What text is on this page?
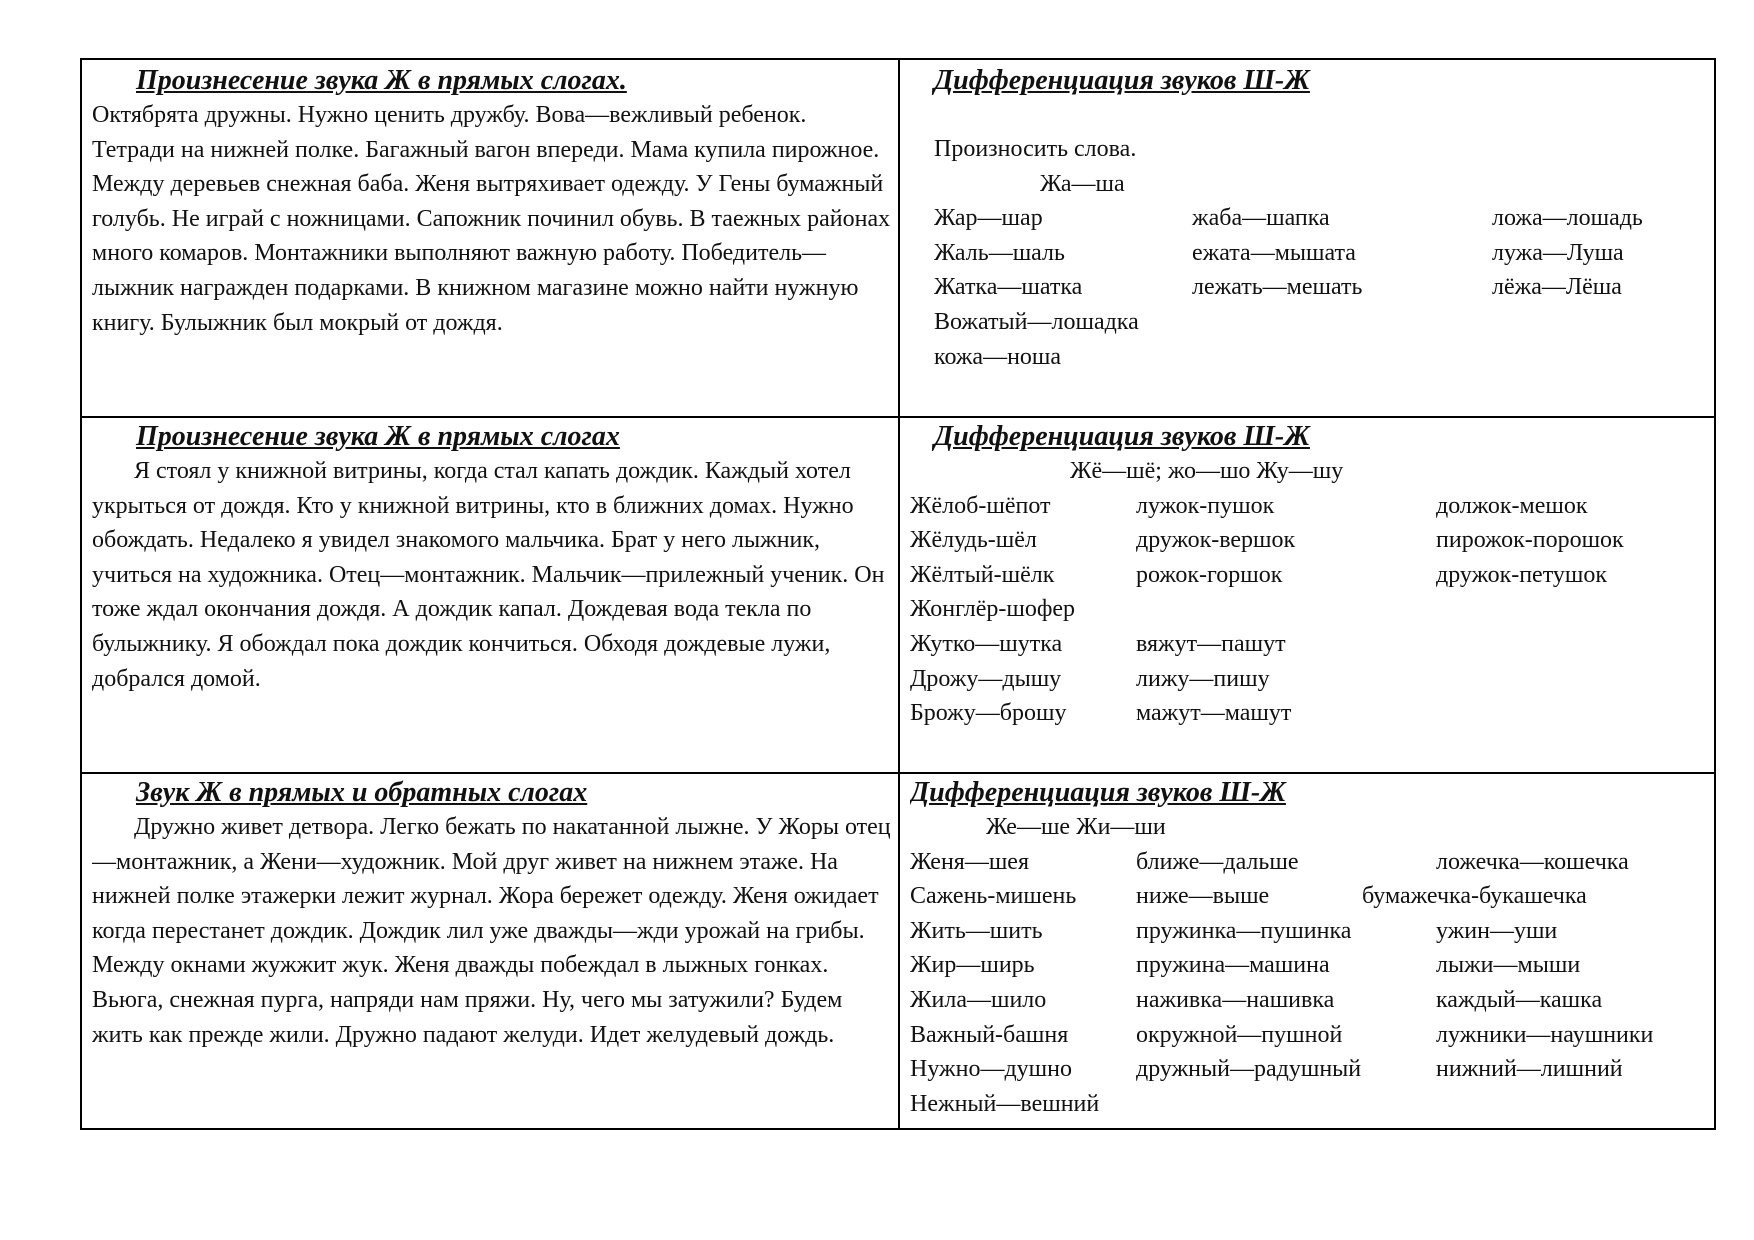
Произнесение звука Ж в прямых слогах.

Октябрята дружны. Нужно ценить дружбу. Вова—вежливый ребенок. Тетради на нижней полке. Багажный вагон впереди. Мама купила пирожное. Между деревьев снежная баба. Женя вытряхивает одежду. У Гены бумажный голубь. Не играй с ножницами. Сапожник починил обувь. В таежных районах много комаров. Монтажники выполняют важную работу. Победитель—лыжник награжден подарками. В книжном магазине можно найти нужную книгу. Булыжник был мокрый от дождя.

Дифференциация звуков Ш-Ж
Произносить слова.
Жа—ша
Жар—шар	жаба—шапка	ложа—лошадь
Жаль—шаль	ежата—мышата	лужа—Луша
Жатка—шатка	лежать—мешать	лёжа—Лёша
Вожатый—лошадка
кожа—ноша
Произнесение звука Ж в прямых слогах

Я стоял у книжной витрины, когда стал капать дождик. Каждый хотел укрыться от дождя. Кто у книжной витрины, кто в ближних домах. Нужно обождать. Недалеко я увидел знакомого мальчика. Брат у него лыжник, учиться на художника. Отец—монтажник. Мальчик—прилежный ученик. Он тоже ждал окончания дождя. А дождик капал. Дождевая вода текла по булыжнику. Я обождал пока дождик кончиться. Обходя дождевые лужи, добрался домой.

Дифференциация звуков Ш-Ж
Жё—шё; жо—шо Жу—шу
Жёлоб-шёпот	лужок-пушок	должок-мешок
Жёлудь-шёл	дружок-вершок	пирожок-порошок
Жёлтый-шёлк	рожок-горшок	дружок-петушок
Жонглёр-шофер
Жутко—шутка	вяжут—пашут
Дрожу—дышу	лижу—пишу
Брожу—брошу	мажут—машут
Звук Ж в прямых и обратных слогах

Дружно живет детвора. Легко бежать по накатанной лыжне. У Жоры отец—монтажник, а Жени—художник. Мой друг живет на нижнем этаже. На нижней полке этажерки лежит журнал. Жора бережет одежду. Женя ожидает когда перестанет дождик. Дождик лил уже дважды—жди урожай на грибы. Между окнами жужжит жук. Женя дважды побеждал в лыжных гонках. Вьюга, снежная пурга, напряди нам пряжи. Ну, чего мы затужили? Будем жить как прежде жили. Дружно падают желуди. Идет желудевый дождь.

Дифференциация звуков Ш-Ж
Же—ше Жи—ши
Женя—шея	ближе—дальше	ложечка—кошечка
Сажень-мишень ниже—выше	бумажечка-букашечка
Жить—шить	пружинка—пушинка	ужин—уши
Жир—ширь	пружина—машина	лыжи—мыши
Жила—шило	наживка—нашивка	каждый—кашка
Важный-башня	окружной—пушной	лужники—наушники
Нужно—душно	дружный—радушный	нижний—лишний
Нежный—вешний
